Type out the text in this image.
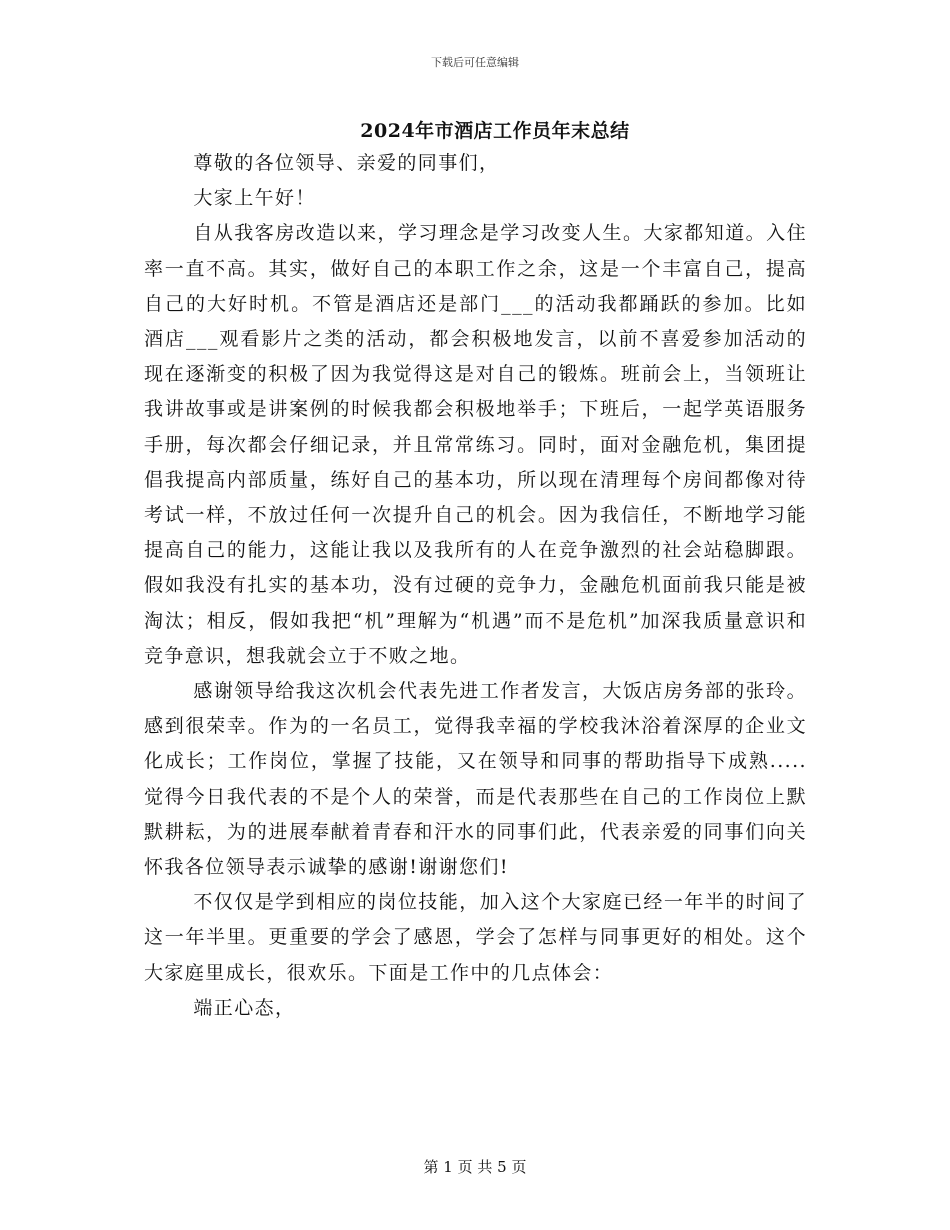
下载后可任意编辑
2024年市酒店工作员年末总结

尊敬的各位领导、亲爱的同事们，

大家上午好！

自从我客房改造以来，学习理念是学习改变人生。大家都知道。入住率一直不高。其实，做好自己的本职工作之余，这是一个丰富自己，提高自己的大好时机。不管是酒店还是部门___的活动我都踊跃的参加。比如酒店___观看影片之类的活动，都会积极地发言，以前不喜爱参加活动的现在逐渐变的积极了因为我觉得这是对自己的锻炼。班前会上，当领班让我讲故事或是讲案例的时候我都会积极地举手；下班后，一起学英语服务手册，每次都会仔细记录，并且常常练习。同时，面对金融危机，集团提倡我提高内部质量，练好自己的基本功，所以现在清理每个房间都像对待考试一样，不放过任何一次提升自己的机会。因为我信任，不断地学习能提高自己的能力，这能让我以及我所有的人在竞争激烈的社会站稳脚跟。假如我没有扎实的基本功，没有过硬的竞争力，金融危机面前我只能是被淘汰；相反，假如我把“机”理解为“机遇”而不是危机”加深我质量意识和竞争意识，想我就会立于不败之地。

感谢领导给我这次机会代表先进工作者发言，大饭店房务部的张玲。感到很荣幸。作为的一名员工，觉得我幸福的学校我沐浴着深厚的企业文化成长；工作岗位，掌握了技能，又在领导和同事的帮助指导下成熟.....觉得今日我代表的不是个人的荣誉，而是代表那些在自己的工作岗位上默默耕耘，为的进展奉献着青春和汗水的同事们此，代表亲爱的同事们向关怀我各位领导表示诚挚的感谢!谢谢您们!

不仅仅是学到相应的岗位技能，加入这个大家庭已经一年半的时间了这一年半里。更重要的学会了感恩，学会了怎样与同事更好的相处。这个大家庭里成长，很欢乐。下面是工作中的几点体会：

端正心态，

第 1 页 共 5 页
